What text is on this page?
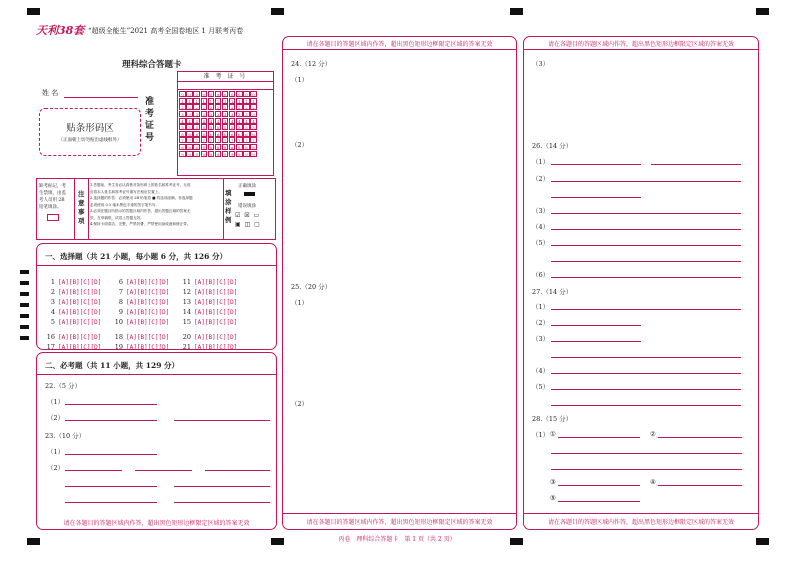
天利38套 “超级全能生”2021 高考全国卷地区 1 月联考丙卷
理科综合答题卡
姓 名
准
考
证
号
准 考 证 号
0	0	0	0	0	0	0	0	0	0	0
1	1	1	1	1	1	1	1	1	1	1
2	2	2	2	2	2	2	2	2	2	2
3	3	3	3	3	3	3	3	3	3	3
4	4	4	4	4	4	4	4	4	4	4
5	5	5	5	5	5	5	5	5	5	5
6	6	6	6	6	6	6	6	6	6	6
7	7	7	7	7	7	7	7	7	7	7
8	8	8	8	8	8	8	8	8	8	8
9	9	9	9	9	9	9	9	9	9	9
贴条形码区
（正面朝上切勿贴出虚线框外）
缺考标记，考
生禁填，由监
考人员用 2B
铅笔填涂。
注
意
事
项
1.答题前，考生务必认真核对条形码上的姓名和准考证号，无误
后将本人姓名和准考证号填写在相应位置上。
2.选择题的作答：必须使用 2B 铅笔将 ■ 的选项涂满，非选择题
必须使用 0.5 毫米黑色字迹的签字笔书写。
3.必须在题目所指示的答题区域内作答，超出答题区域的答案无
效，在草稿纸、试卷上答题无效。
4.保持卡面清洁，完整，严禁折叠，严禁使用涂改液和修正带。
填
涂
样
例
正确填涂
错误填涂
☑ ☒ ▭
▣ ◫ ▢
一、选择题（共 21 小题，每小题 6 分，共 126 分）
1 [A][B][C][D]
2 [A][B][C][D]
3 [A][B][C][D]
4 [A][B][C][D]
5 [A][B][C][D]
6 [A][B][C][D]
7 [A][B][C][D]
8 [A][B][C][D]
9 [A][B][C][D]
10 [A][B][C][D]
11 [A][B][C][D]
12 [A][B][C][D]
13 [A][B][C][D]
14 [A][B][C][D]
15 [A][B][C][D]
16 [A][B][C][D]
17 [A][B][C][D]
18 [A][B][C][D]
19 [A][B][C][D]
20 [A][B][C][D]
21 [A][B][C][D]
二、必考题（共 11 小题，共 129 分）
22.（5 分）
（1）
（2）
23.（10 分）
（1）
（2）
请在各题目的答题区域内作答，超出黑色矩形边框限定区域的答案无效
请在各题目的答题区域内作答，超出黑色矩形边框限定区域的答案无效
24.（12 分）
（1）
（2）
25.（20 分）
（1）
（2）
请在各题目的答题区域内作答，超出黑色矩形边框限定区域的答案无效
请在各题目的答题区域内作答，超出黑色矩形边框限定区域的答案无效
（3）
26.（14 分）
（1）
（2）
（3）
（4）
（5）
（6）
27.（14 分）
（1）
（2）
（3）
（4）
（5）
28.（15 分）
（1） ①	②
③	④
⑤
请在各题目的答题区域内作答，超出黑色矩形边框限定区域的答案无效
丙卷　理科综合答题卡　第 1 页（共 2 页）
